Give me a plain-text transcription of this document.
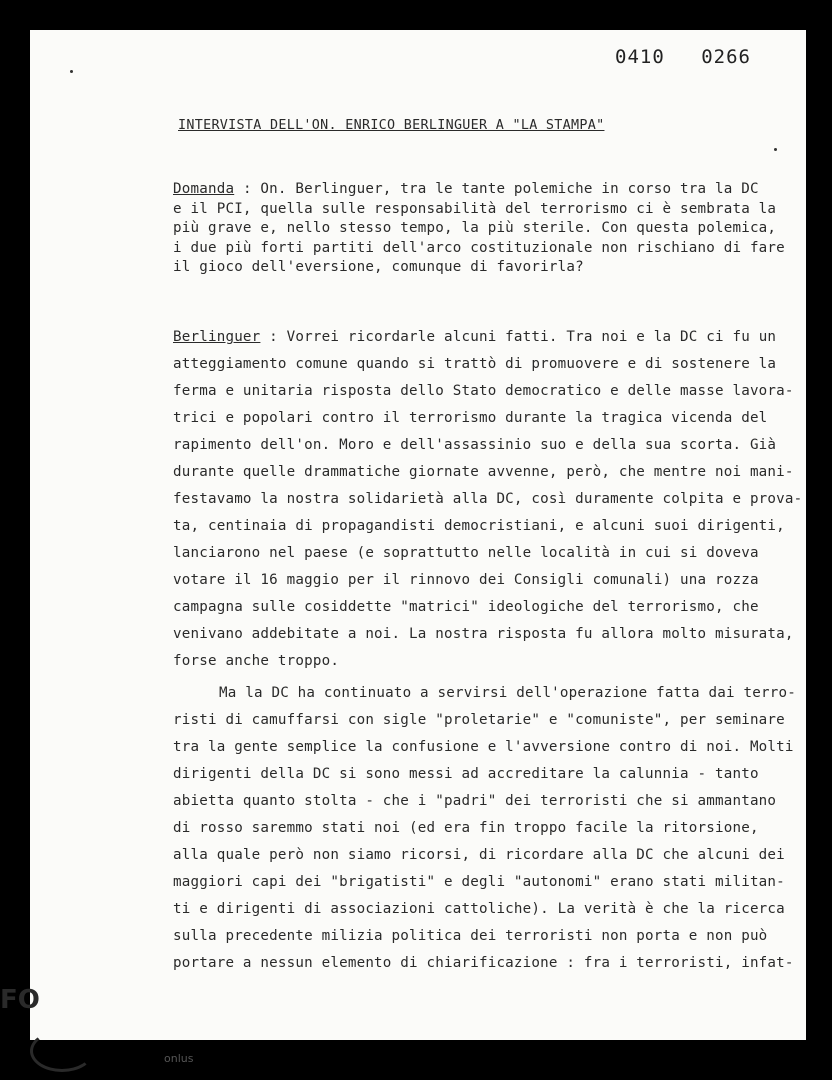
0410 0266
INTERVISTA DELL'ON. ENRICO BERLINGUER A "LA STAMPA"
Domanda : On. Berlinguer, tra le tante polemiche in corso tra la DC
e il PCI, quella sulle responsabilità del terrorismo ci è sembrata la
più grave e, nello stesso tempo, la più sterile. Con questa polemica,
i due più forti partiti dell'arco costituzionale non rischiano di fare
il gioco dell'eversione, comunque di favorirla?
Berlinguer : Vorrei ricordarle alcuni fatti. Tra noi e la DC ci fu un
atteggiamento comune quando si trattò di promuovere e di sostenere la
ferma e unitaria risposta dello Stato democratico e delle masse lavora-
trici e popolari contro il terrorismo durante la tragica vicenda del
rapimento dell'on. Moro e dell'assassinio suo e della sua scorta. Già
durante quelle drammatiche giornate avvenne, però, che mentre noi mani-
festavamo la nostra solidarietà alla DC, così duramente colpita e prova-
ta, centinaia di propagandisti democristiani, e alcuni suoi dirigenti,
lanciarono nel paese (e soprattutto nelle località in cui si doveva
votare il 16 maggio per il rinnovo dei Consigli comunali) una rozza
campagna sulle cosiddette "matrici" ideologiche del terrorismo, che
venivano addebitate a noi. La nostra risposta fu allora molto misurata,
forse anche troppo.
Ma la DC ha continuato a servirsi dell'operazione fatta dai terro-
risti di camuffarsi con sigle "proletarie" e "comuniste", per seminare
tra la gente semplice la confusione e l'avversione contro di noi. Molti
dirigenti della DC si sono messi ad accreditare la calunnia - tanto
abietta quanto stolta - che i "padri" dei terroristi che si ammantano
di rosso saremmo stati noi (ed era fin troppo facile la ritorsione,
alla quale però non siamo ricorsi, di ricordare alla DC che alcuni dei
maggiori capi dei "brigatisti" e degli "autonomi" erano stati militan-
ti e dirigenti di associazioni cattoliche). La verità è che la ricerca
sulla precedente milizia politica dei terroristi non porta e non può
portare a nessun elemento di chiarificazione : fra i terroristi, infat-
FO
onlus
